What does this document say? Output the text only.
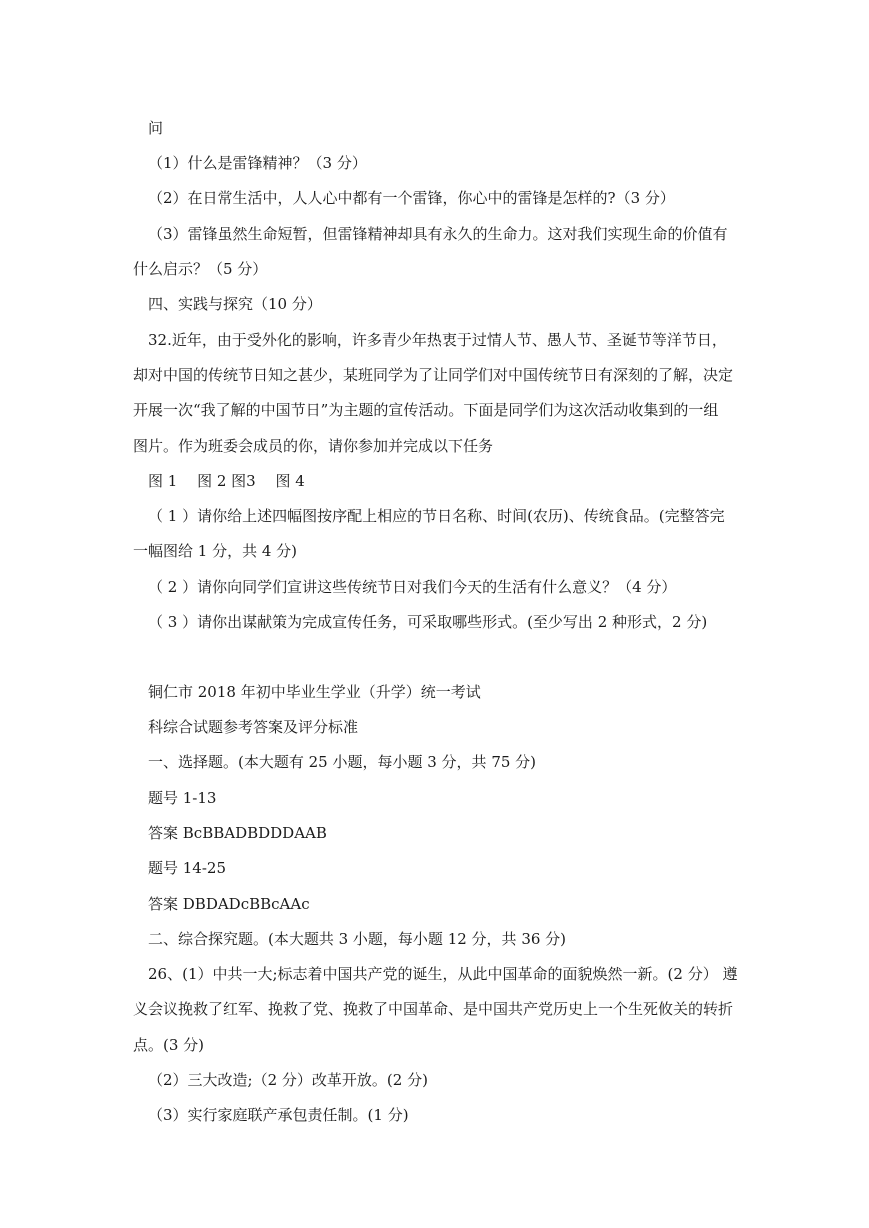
问
（1）什么是雷锋精神？（3 分）
（2）在日常生活中，人人心中都有一个雷锋，你心中的雷锋是怎样的?（3 分）
（3）雷锋虽然生命短暂，但雷锋精神却具有永久的生命力。这对我们实现生命的价值有
什么启示？（5 分）
四、实践与探究（10 分）
32.近年，由于受外化的影响，许多青少年热衷于过情人节、愚人节、圣诞节等洋节日，
却对中国的传统节日知之甚少，某班同学为了让同学们对中国传统节日有深刻的了解，决定
开展一次“我了解的中国节日”为主题的宣传活动。下面是同学们为这次活动收集到的一组
图片。作为班委会成员的你，请你参加并完成以下任务
图 1　 图 2 图3　 图 4
（ 1 ）请你给上述四幅图按序配上相应的节日名称、时间(农历)、传统食品。(完整答完
一幅图给 1 分，共 4 分)
（ 2 ）请你向同学们宣讲这些传统节日对我们今天的生活有什么意义？（4 分）
（ 3 ）请你出谋献策为完成宣传任务，可采取哪些形式。(至少写出 2 种形式，2 分)
铜仁市 2018 年初中毕业生学业（升学）统一考试
科综合试题参考答案及评分标准
一、选择题。(本大题有 25 小题，每小题 3 分，共 75 分)
题号 1-13
答案 BcBBADBDDDAAB
题号 14-25
答案 DBDADcBBcAAc
二、综合探究题。(本大题共 3 小题，每小题 12 分，共 36 分)
26、(1）中共一大;标志着中国共产党的诞生，从此中国革命的面貌焕然一新。(2 分） 遵
义会议挽救了红军、挽救了党、挽救了中国革命、是中国共产党历史上一个生死攸关的转折
点。(3 分)
（2）三大改造;（2 分）改革开放。(2 分)
（3）实行家庭联产承包责任制。(1 分)
